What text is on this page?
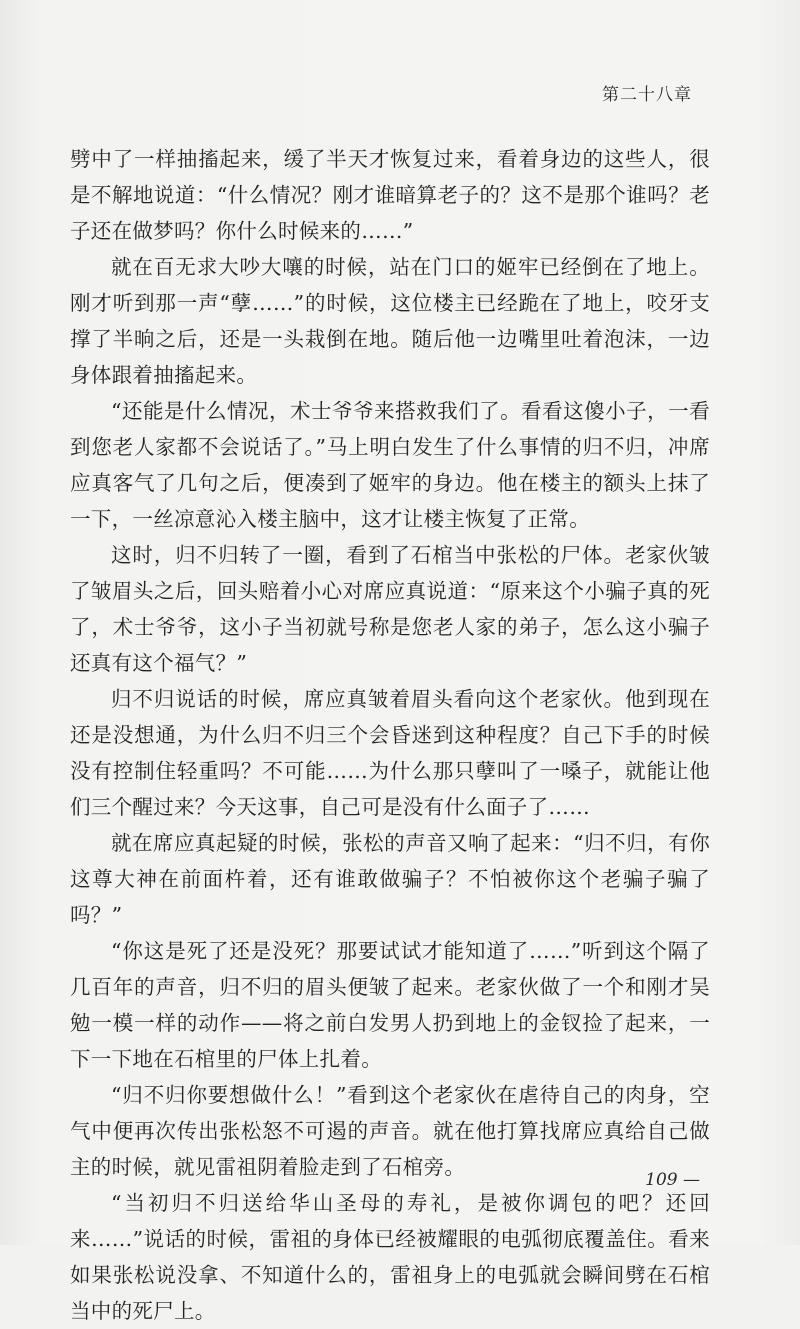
第二十八章

劈中了一样抽搐起来，缓了半天才恢复过来，看着身边的这些人，很是不解地说道：“什么情况？刚才谁暗算老子的？这不是那个谁吗？老子还在做梦吗？你什么时候来的……”

就在百无求大吵大嚷的时候，站在门口的姬牢已经倒在了地上。刚才听到那一声“孽……”的时候，这位楼主已经跪在了地上，咬牙支撑了半晌之后，还是一头栽倒在地。随后他一边嘴里吐着泡沫，一边身体跟着抽搐起来。

“还能是什么情况，术士爷爷来搭救我们了。看看这傻小子，一看到您老人家都不会说话了。”马上明白发生了什么事情的归不归，冲席应真客气了几句之后，便凑到了姬牢的身边。他在楼主的额头上抹了一下，一丝凉意沁入楼主脑中，这才让楼主恢复了正常。

这时，归不归转了一圈，看到了石棺当中张松的尸体。老家伙皱了皱眉头之后，回头赔着小心对席应真说道：“原来这个小骗子真的死了，术士爷爷，这小子当初就号称是您老人家的弟子，怎么这小骗子还真有这个福气？”

归不归说话的时候，席应真皱着眉头看向这个老家伙。他到现在还是没想通，为什么归不归三个会昏迷到这种程度？自己下手的时候没有控制住轻重吗？不可能……为什么那只孽叫了一嗓子，就能让他们三个醒过来？今天这事，自己可是没有什么面子了……

就在席应真起疑的时候，张松的声音又响了起来：“归不归，有你这尊大神在前面杵着，还有谁敢做骗子？不怕被你这个老骗子骗了吗？”

“你这是死了还是没死？那要试试才能知道了……”听到这个隔了几百年的声音，归不归的眉头便皱了起来。老家伙做了一个和刚才吴勉一模一样的动作——将之前白发男人扔到地上的金钗捡了起来，一下一下地在石棺里的尸体上扎着。

“归不归你要想做什么！”看到这个老家伙在虐待自己的肉身，空气中便再次传出张松怒不可遏的声音。就在他打算找席应真给自己做主的时候，就见雷祖阴着脸走到了石棺旁。

“当初归不归送给华山圣母的寿礼，是被你调包的吧？还回来……”说话的时候，雷祖的身体已经被耀眼的电弧彻底覆盖住。看来如果张松说没拿、不知道什么的，雷祖身上的电弧就会瞬间劈在石棺当中的死尸上。

109 —
